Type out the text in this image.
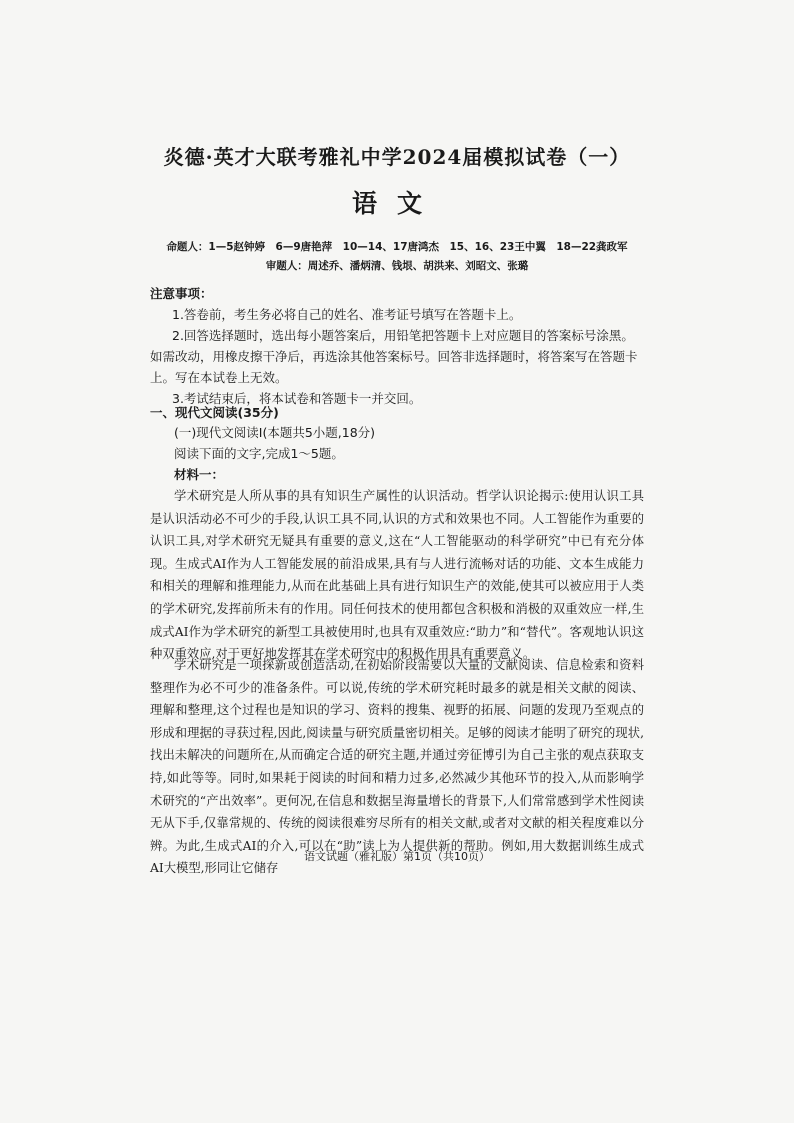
炎德·英才大联考雅礼中学2024届模拟试卷（一）
语文
命题人：1—5赵钟婷　6—9唐艳萍　10—14、17唐鸿杰　15、16、23王中翼　18—22龚政军
审题人：周述乔、潘炳清、钱垠、胡洪来、刘昭文、张璐

注意事项：

1.答卷前，考生务必将自己的姓名、准考证号填写在答题卡上。

2.回答选择题时，选出每小题答案后，用铅笔把答题卡上对应题目的答案标号涂黑。如需改动，用橡皮擦干净后，再选涂其他答案标号。回答非选择题时，将答案写在答题卡上。写在本试卷上无效。

3.考试结束后，将本试卷和答题卡一并交回。

一、现代文阅读(35分)
(一)现代文阅读Ⅰ(本题共5小题,18分)
阅读下面的文字,完成1～5题。
材料一：

学术研究是人所从事的具有知识生产属性的认识活动。哲学认识论揭示:使用认识工具是认识活动必不可少的手段,认识工具不同,认识的方式和效果也不同。人工智能作为重要的认识工具,对学术研究无疑具有重要的意义,这在“人工智能驱动的科学研究”中已有充分体现。生成式AI作为人工智能发展的前沿成果,具有与人进行流畅对话的功能、文本生成能力和相关的理解和推理能力,从而在此基础上具有进行知识生产的效能,使其可以被应用于人类的学术研究,发挥前所未有的作用。同任何技术的使用都包含积极和消极的双重效应一样,生成式AI作为学术研究的新型工具被使用时,也具有双重效应:“助力”和“替代”。客观地认识这种双重效应,对于更好地发挥其在学术研究中的积极作用具有重要意义。

学术研究是一项探新或创造活动,在初始阶段需要以大量的文献阅读、信息检索和资料整理作为必不可少的准备条件。可以说,传统的学术研究耗时最多的就是相关文献的阅读、理解和整理,这个过程也是知识的学习、资料的搜集、视野的拓展、问题的发现乃至观点的形成和理据的寻获过程,因此,阅读量与研究质量密切相关。足够的阅读才能明了研究的现状,找出未解决的问题所在,从而确定合适的研究主题,并通过旁征博引为自己主张的观点获取支持,如此等等。同时,如果耗于阅读的时间和精力过多,必然减少其他环节的投入,从而影响学术研究的“产出效率”。更何况,在信息和数据呈海量增长的背景下,人们常常感到学术性阅读无从下手,仅靠常规的、传统的阅读很难穷尽所有的相关文献,或者对文献的相关程度难以分辨。为此,生成式AI的介入,可以在“助”读上为人提供新的帮助。例如,用大数据训练生成式AI大模型,形同让它储存

语文试题（雅礼版）第1页（共10页）
